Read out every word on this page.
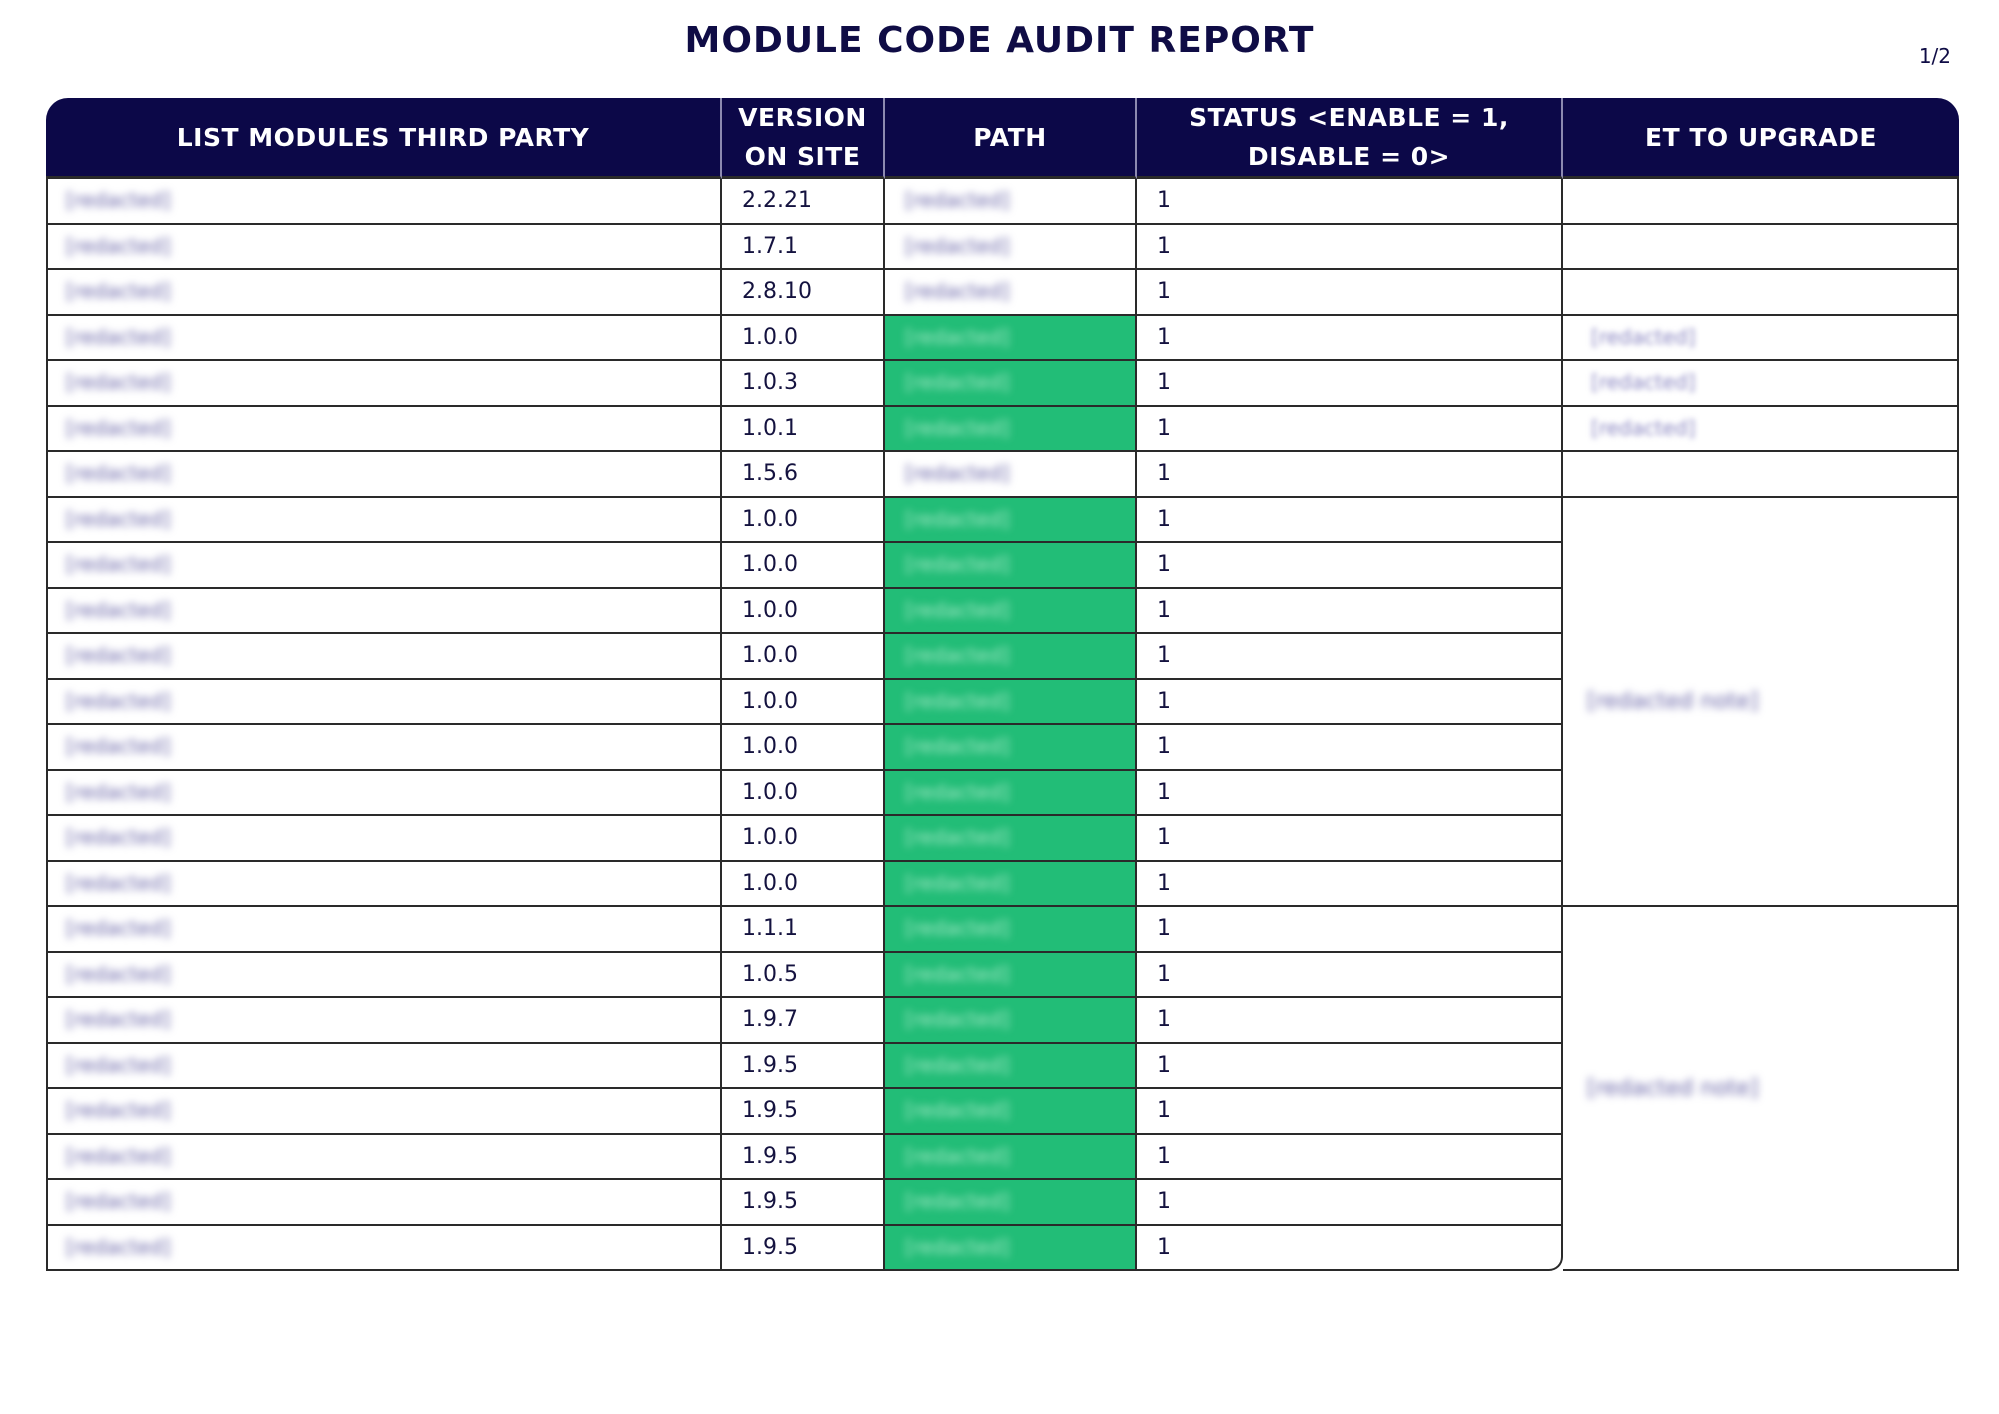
MODULE CODE AUDIT REPORT	1/2
LIST MODULES THIRD PARTY	VERSION ON SITE	PATH	STATUS <ENABLE = 1, DISABLE = 0>	ET TO UPGRADE
[redacted]	2.2.21	[redacted]	1	
[redacted]	1.7.1	[redacted]	1	
[redacted]	2.8.10	[redacted]	1	
[redacted]	1.0.0	[redacted]	1	[redacted]
[redacted]	1.0.3	[redacted]	1	[redacted]
[redacted]	1.0.1	[redacted]	1	[redacted]
[redacted]	1.5.6	[redacted]	1	
[redacted]	1.0.0	[redacted]	1	[redacted note]

[redacted]	1.0.0	[redacted]	1	
[redacted]	1.0.0	[redacted]	1	
[redacted]	1.0.0	[redacted]	1	
[redacted]	1.0.0	[redacted]	1	
[redacted]	1.0.0	[redacted]	1	
[redacted]	1.0.0	[redacted]	1	
[redacted]	1.0.0	[redacted]	1	
[redacted]	1.0.0	[redacted]	1	
[redacted]	1.1.1	[redacted]	1	[redacted note]

[redacted]	1.0.5	[redacted]	1	
[redacted]	1.9.7	[redacted]	1	
[redacted]	1.9.5	[redacted]	1	
[redacted]	1.9.5	[redacted]	1	
[redacted]	1.9.5	[redacted]	1	
[redacted]	1.9.5	[redacted]	1	
[redacted]	1.9.5	[redacted]	1	
